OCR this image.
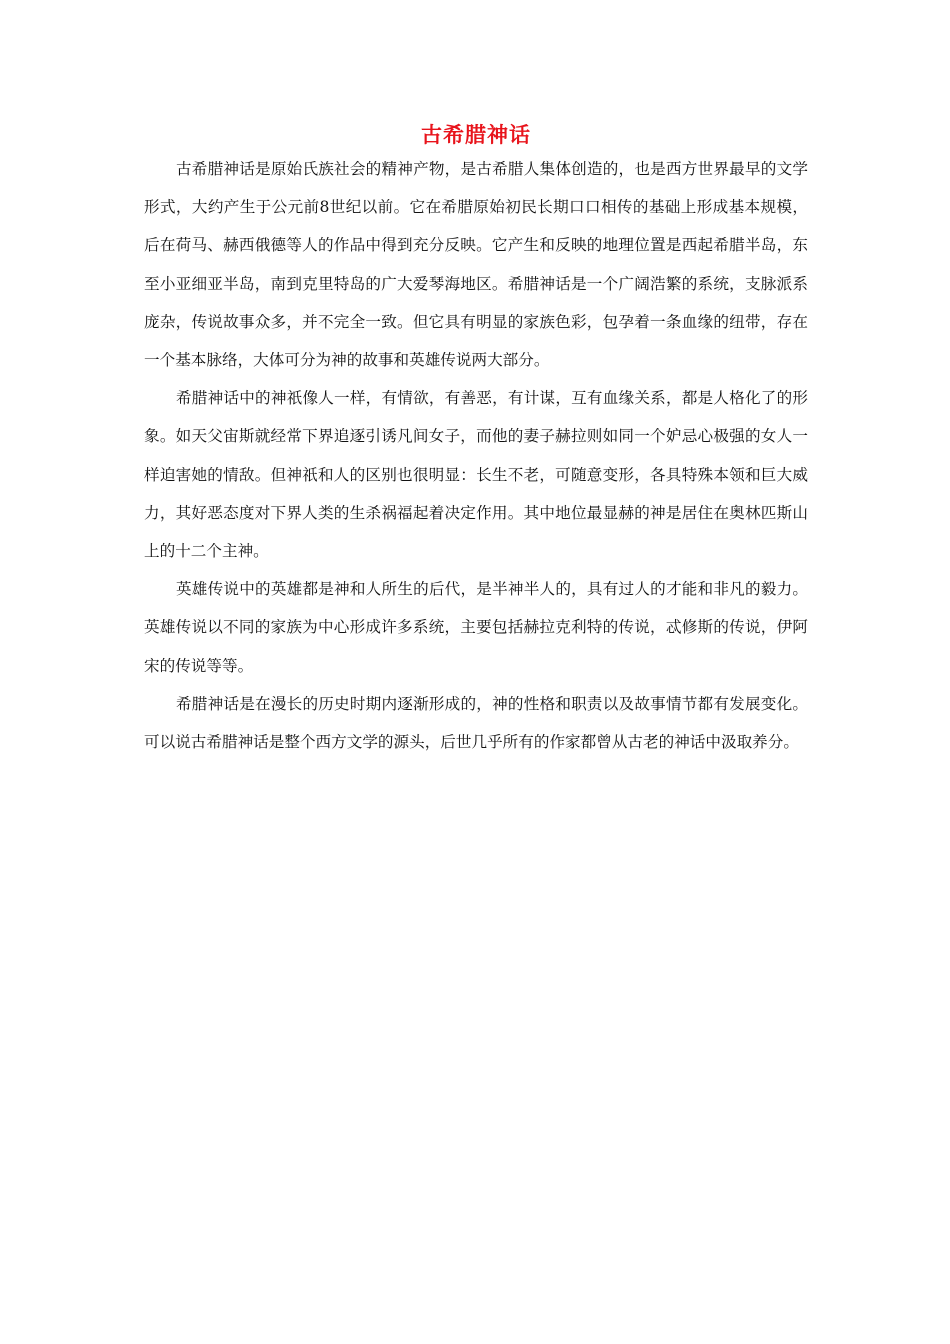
古希腊神话

古希腊神话是原始氏族社会的精神产物，是古希腊人集体创造的，也是西方世界最早的文学形式，大约产生于公元前8世纪以前。它在希腊原始初民长期口口相传的基础上形成基本规模，后在荷马、赫西俄德等人的作品中得到充分反映。它产生和反映的地理位置是西起希腊半岛，东至小亚细亚半岛，南到克里特岛的广大爱琴海地区。希腊神话是一个广阔浩繁的系统，支脉派系庞杂，传说故事众多，并不完全一致。但它具有明显的家族色彩，包孕着一条血缘的纽带，存在一个基本脉络，大体可分为神的故事和英雄传说两大部分。

希腊神话中的神祇像人一样，有情欲，有善恶，有计谋，互有血缘关系，都是人格化了的形象。如天父宙斯就经常下界追逐引诱凡间女子，而他的妻子赫拉则如同一个妒忌心极强的女人一样迫害她的情敌。但神祇和人的区别也很明显：长生不老，可随意变形，各具特殊本领和巨大威力，其好恶态度对下界人类的生杀祸福起着决定作用。其中地位最显赫的神是居住在奥林匹斯山上的十二个主神。

英雄传说中的英雄都是神和人所生的后代，是半神半人的，具有过人的才能和非凡的毅力。英雄传说以不同的家族为中心形成许多系统，主要包括赫拉克利特的传说，忒修斯的传说，伊阿宋的传说等等。

希腊神话是在漫长的历史时期内逐渐形成的，神的性格和职责以及故事情节都有发展变化。可以说古希腊神话是整个西方文学的源头，后世几乎所有的作家都曾从古老的神话中汲取养分。
